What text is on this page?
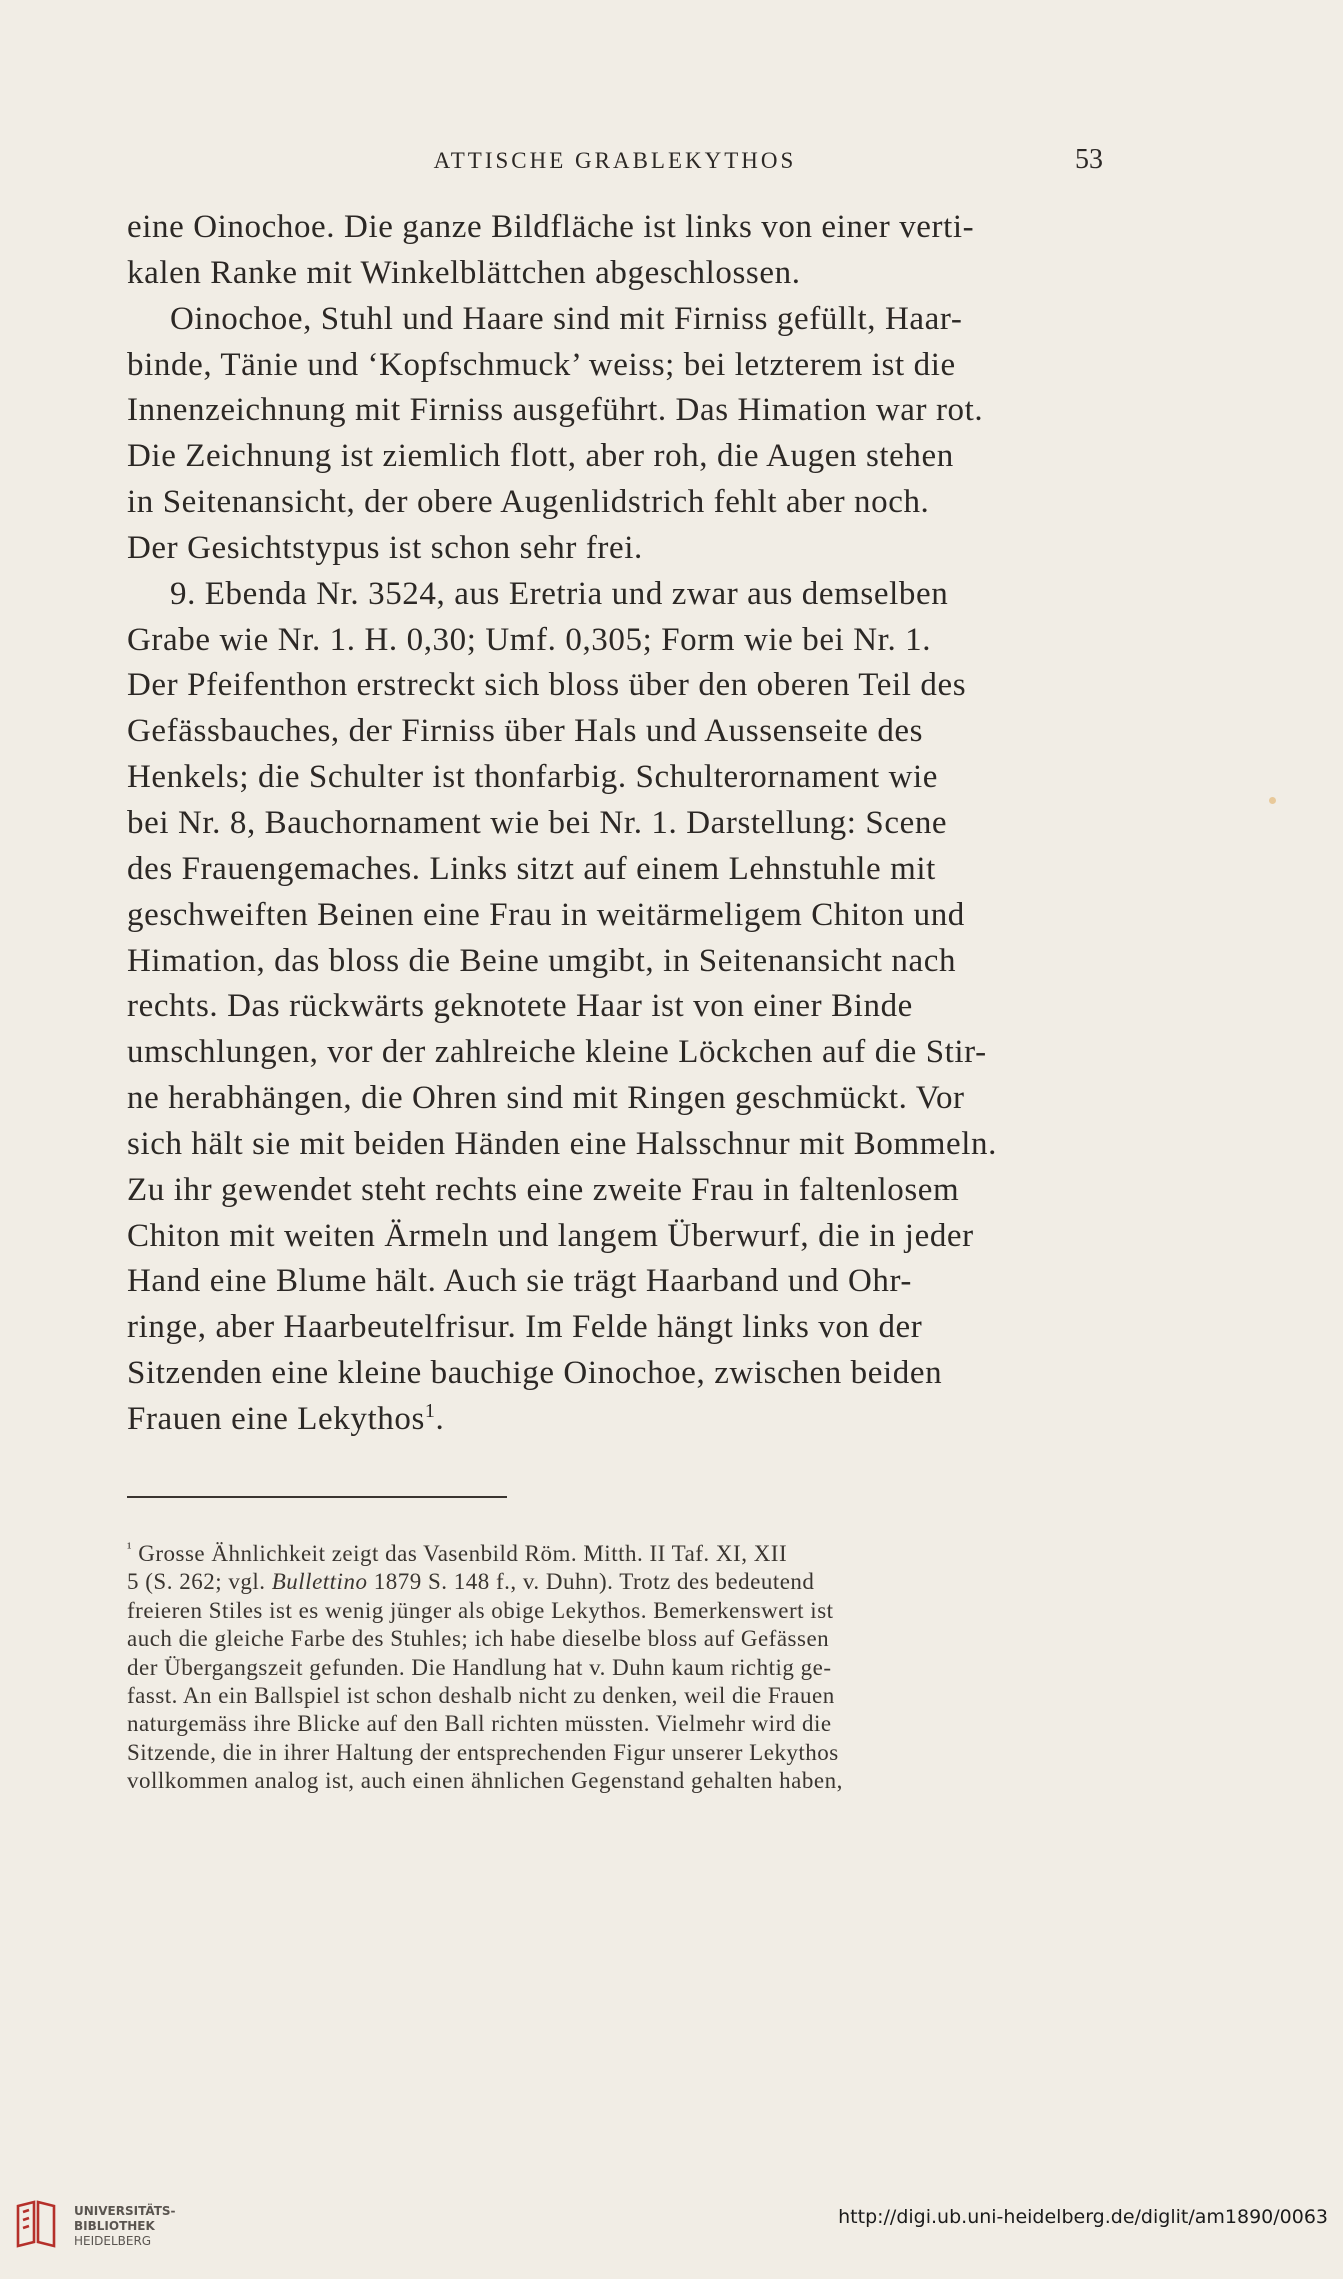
ATTISCHE GRABLEKYTHOS	53
eine Oinochoe. Die ganze Bildfläche ist links von einer verti-
kalen Ranke mit Winkelblättchen abgeschlossen.
Oinochoe, Stuhl und Haare sind mit Firniss gefüllt, Haar-
binde, Tänie und ‘Kopfschmuck’ weiss; bei letzterem ist die
Innenzeichnung mit Firniss ausgeführt. Das Himation war rot.
Die Zeichnung ist ziemlich flott, aber roh, die Augen stehen
in Seitenansicht, der obere Augenlidstrich fehlt aber noch.
Der Gesichtstypus ist schon sehr frei.
9. Ebenda Nr. 3524, aus Eretria und zwar aus demselben
Grabe wie Nr. 1. H. 0,30; Umf. 0,305; Form wie bei Nr. 1.
Der Pfeifenthon erstreckt sich bloss über den oberen Teil des
Gefässbauches, der Firniss über Hals und Aussenseite des
Henkels; die Schulter ist thonfarbig. Schulterornament wie
bei Nr. 8, Bauchornament wie bei Nr. 1. Darstellung: Scene
des Frauengemaches. Links sitzt auf einem Lehnstuhle mit
geschweiften Beinen eine Frau in weitärmeligem Chiton und
Himation, das bloss die Beine umgibt, in Seitenansicht nach
rechts. Das rückwärts geknotete Haar ist von einer Binde
umschlungen, vor der zahlreiche kleine Löckchen auf die Stir-
ne herabhängen, die Ohren sind mit Ringen geschmückt. Vor
sich hält sie mit beiden Händen eine Halsschnur mit Bommeln.
Zu ihr gewendet steht rechts eine zweite Frau in faltenlosem
Chiton mit weiten Ärmeln und langem Überwurf, die in jeder
Hand eine Blume hält. Auch sie trägt Haarband und Ohr-
ringe, aber Haarbeutelfrisur. Im Felde hängt links von der
Sitzenden eine kleine bauchige Oinochoe, zwischen beiden
Frauen eine Lekythos$^1$.
$^{^1}$ Grosse Ähnlichkeit zeigt das Vasenbild Röm. Mitth. II Taf. XI, XII
5 (S. 262; vgl. Bullettino 1879 S. 148 f., v. Duhn). Trotz des bedeutend
freieren Stiles ist es wenig jünger als obige Lekythos. Bemerkenswert ist
auch die gleiche Farbe des Stuhles; ich habe dieselbe bloss auf Gefässen
der Übergangszeit gefunden. Die Handlung hat v. Duhn kaum richtig ge-
fasst. An ein Ballspiel ist schon deshalb nicht zu denken, weil die Frauen
naturgemäss ihre Blicke auf den Ball richten müssten. Vielmehr wird die
Sitzende, die in ihrer Haltung der entsprechenden Figur unserer Lekythos
vollkommen analog ist, auch einen ähnlichen Gegenstand gehalten haben,
UNIVERSITÄTS-
BIBLIOTHEK
HEIDELBERG
http://digi.ub.uni-heidelberg.de/diglit/am1890/0063
